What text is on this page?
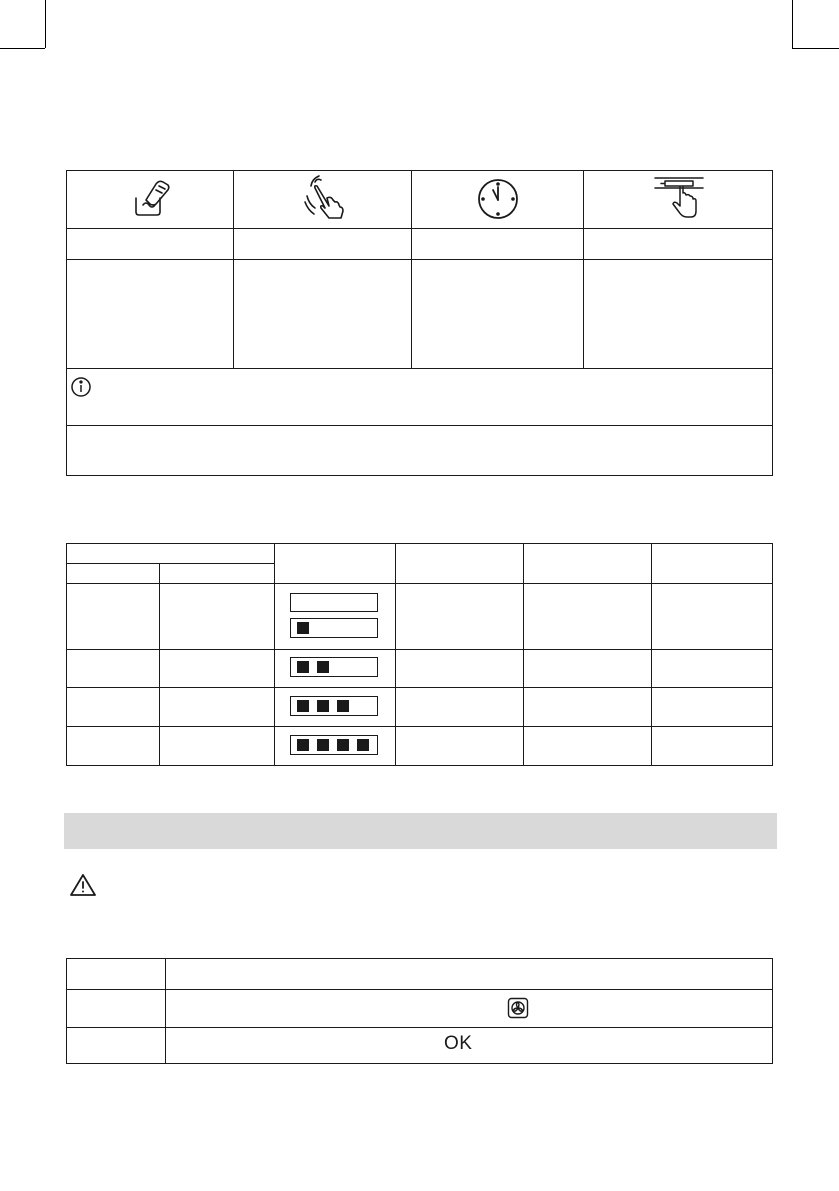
OK
